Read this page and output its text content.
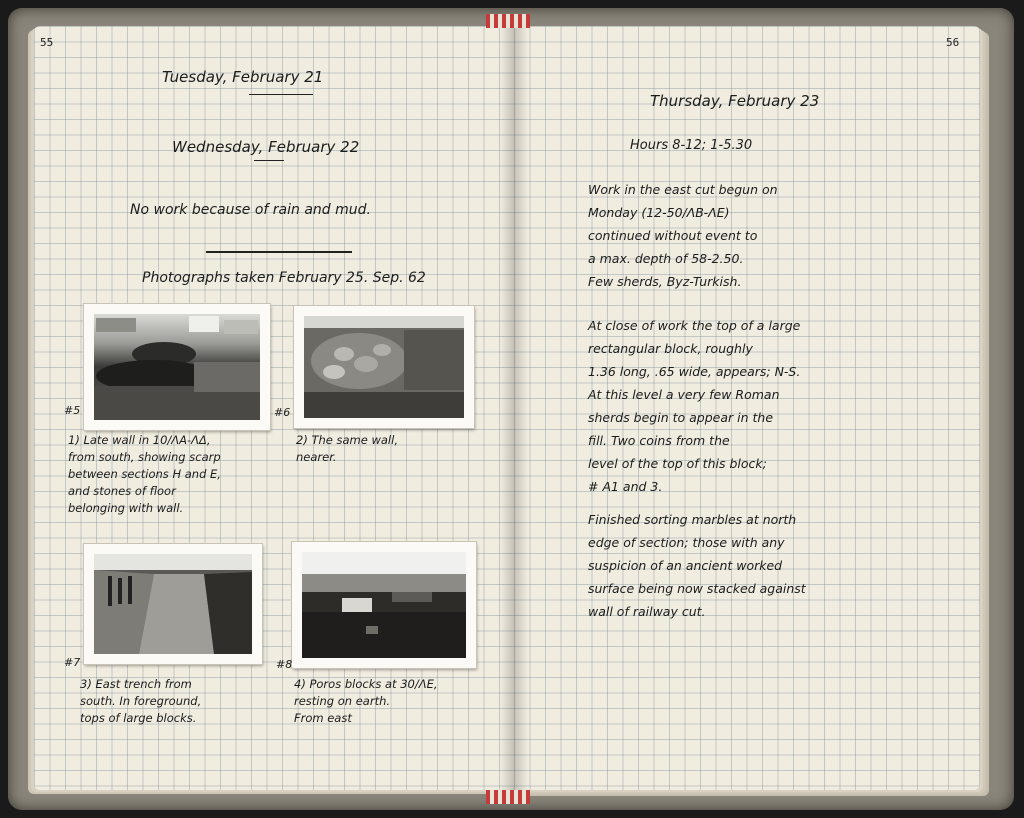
55
Tuesday, February 21
Wednesday, February 22
No work because of rain and mud.
Photographs taken February 25. Sep. 62
#5
1) Late wall in 10/ΛA-ΛΔ,
from south, showing scarp
between sections H and E,
and stones of floor
belonging with wall.
#6
2) The same wall,
nearer.
#7
3) East trench from
south. In foreground,
tops of large blocks.
#8
4) Poros blocks at 30/ΛE,
resting on earth.
From east
56
Thursday, February 23
Hours 8-12; 1-5.30
Work in the east cut begun on
Monday (12-50/ΛB-ΛE)
continued without event to
a max. depth of 58-2.50.
Few sherds, Byz-Turkish.
At close of work the top of a large
rectangular block, roughly
1.36 long, .65 wide, appears; N-S.
At this level a very few Roman
sherds begin to appear in the
fill. Two coins from the
level of the top of this block;
# A1 and 3.
Finished sorting marbles at north
edge of section; those with any
suspicion of an ancient worked
surface being now stacked against
wall of railway cut.
